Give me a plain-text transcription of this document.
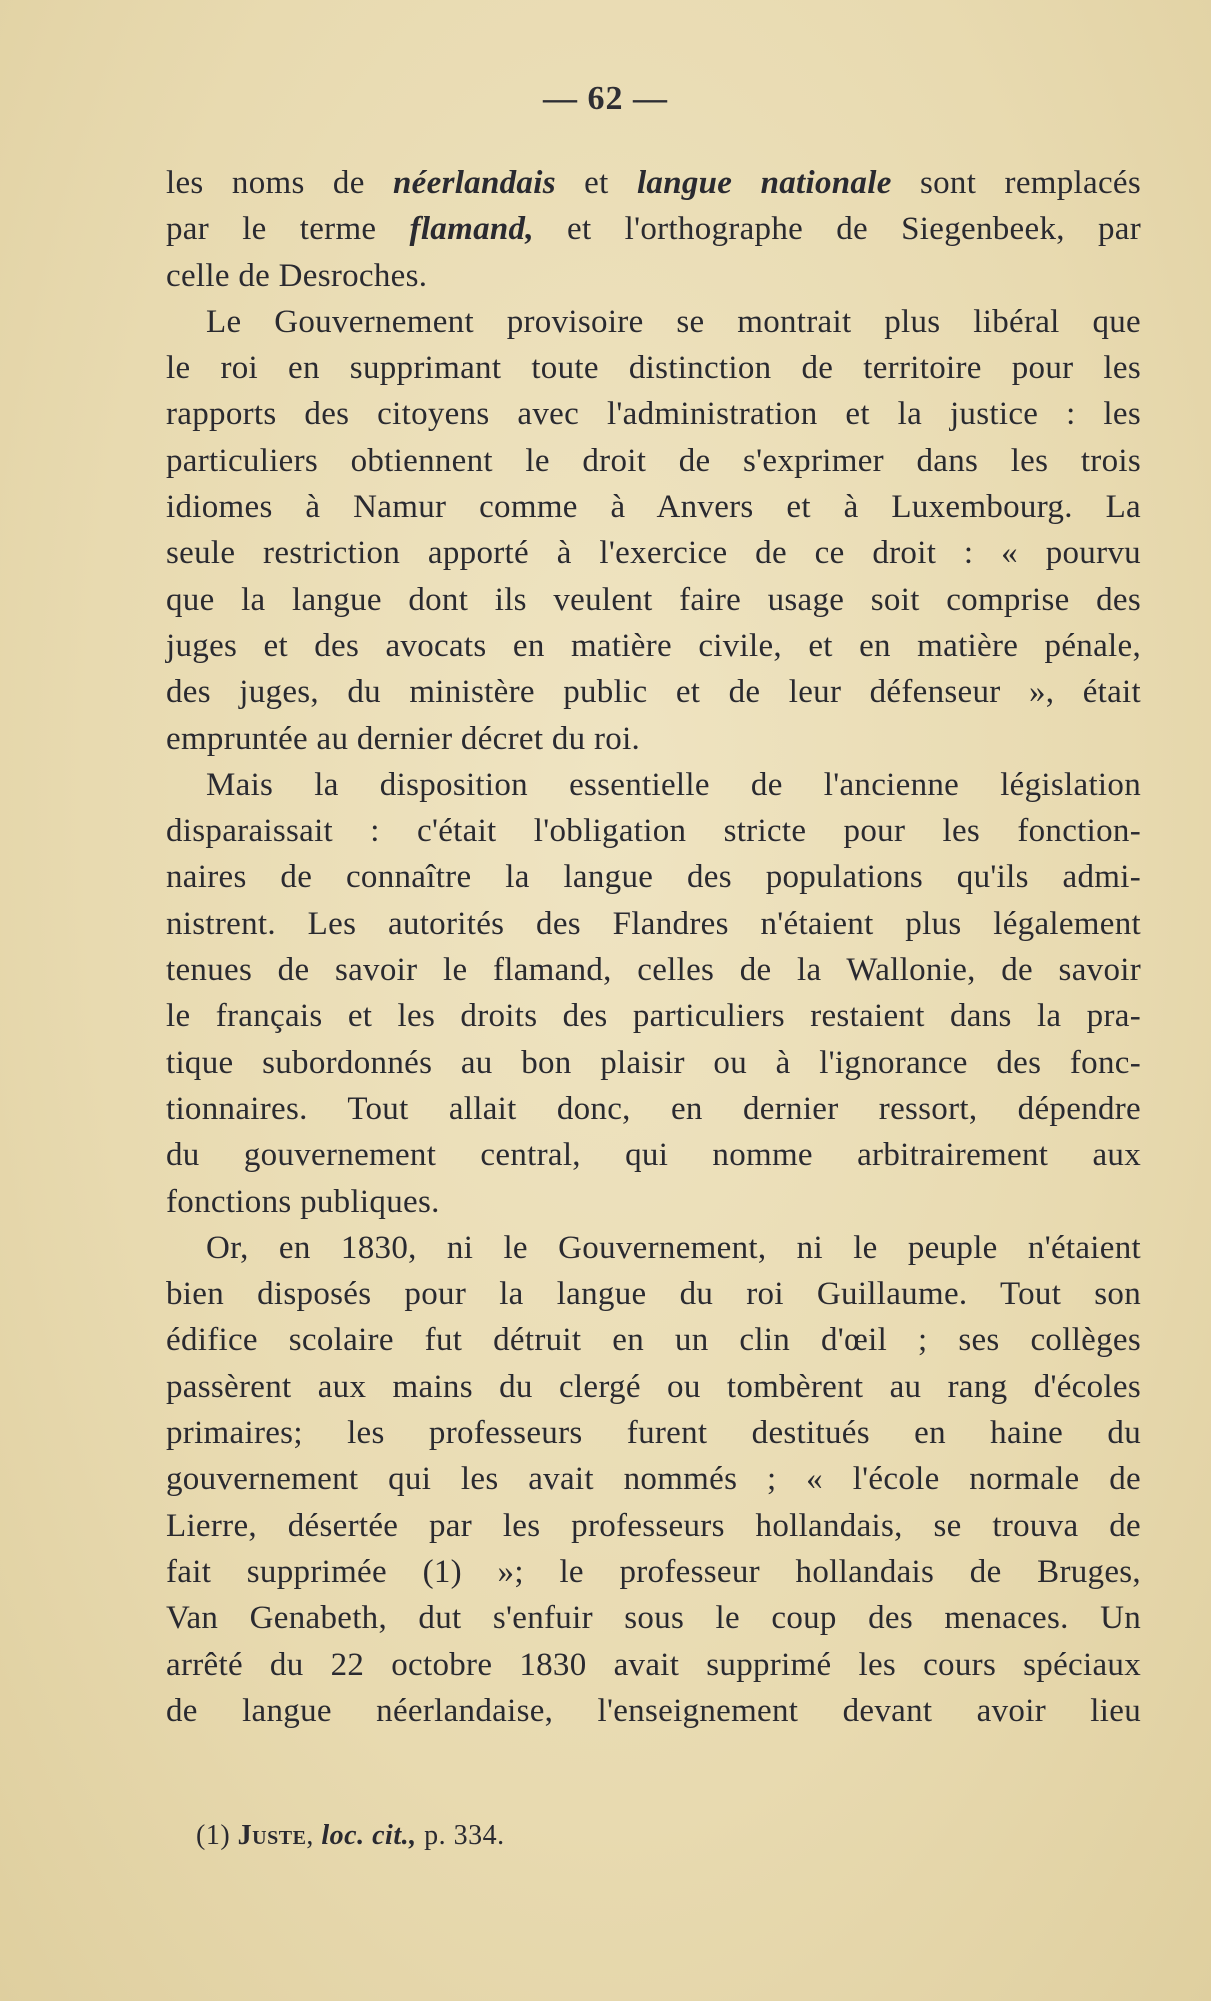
— 62 —
les noms de néerlandais et langue nationale sont remplacés
par le terme flamand, et l'orthographe de Siegenbeek, par
celle de Desroches.
Le Gouvernement provisoire se montrait plus libéral que
le roi en supprimant toute distinction de territoire pour les
rapports des citoyens avec l'administration et la justice : les
particuliers obtiennent le droit de s'exprimer dans les trois
idiomes à Namur comme à Anvers et à Luxembourg. La
seule restriction apporté à l'exercice de ce droit : « pourvu
que la langue dont ils veulent faire usage soit comprise des
juges et des avocats en matière civile, et en matière pénale,
des juges, du ministère public et de leur défenseur », était
empruntée au dernier décret du roi.
Mais la disposition essentielle de l'ancienne législation
disparaissait : c'était l'obligation stricte pour les fonction-
naires de connaître la langue des populations qu'ils admi-
nistrent. Les autorités des Flandres n'étaient plus légalement
tenues de savoir le flamand, celles de la Wallonie, de savoir
le français et les droits des particuliers restaient dans la pra-
tique subordonnés au bon plaisir ou à l'ignorance des fonc-
tionnaires. Tout allait donc, en dernier ressort, dépendre
du gouvernement central, qui nomme arbitrairement aux
fonctions publiques.
Or, en 1830, ni le Gouvernement, ni le peuple n'étaient
bien disposés pour la langue du roi Guillaume. Tout son
édifice scolaire fut détruit en un clin d'œil ; ses collèges
passèrent aux mains du clergé ou tombèrent au rang d'écoles
primaires; les professeurs furent destitués en haine du
gouvernement qui les avait nommés ; « l'école normale de
Lierre, désertée par les professeurs hollandais, se trouva de
fait supprimée (1) »; le professeur hollandais de Bruges,
Van Genabeth, dut s'enfuir sous le coup des menaces. Un
arrêté du 22 octobre 1830 avait supprimé les cours spéciaux
de langue néerlandaise, l'enseignement devant avoir lieu
(1) Juste, loc. cit., p. 334.
